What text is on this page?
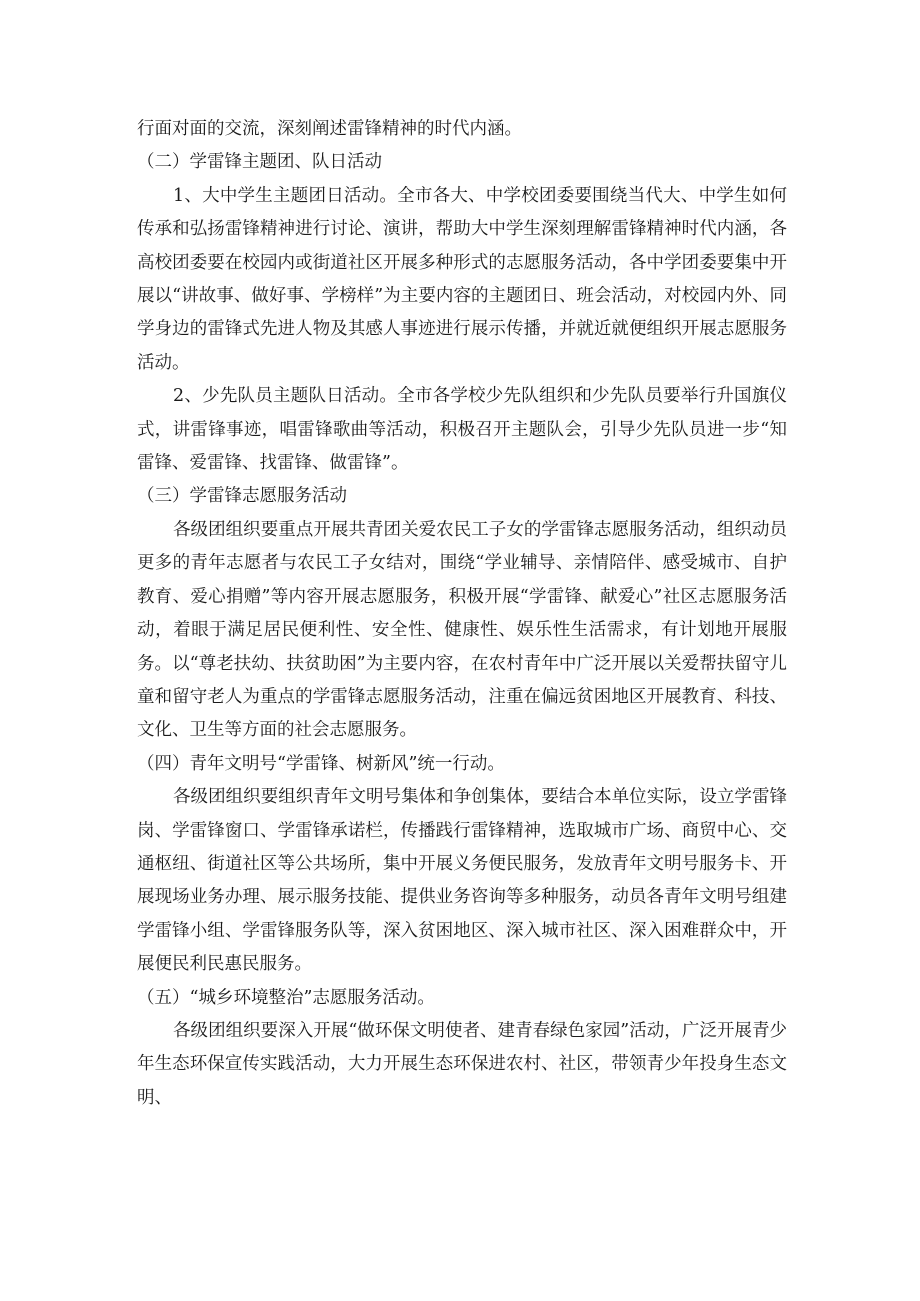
行面对面的交流，深刻阐述雷锋精神的时代内涵。

（二）学雷锋主题团、队日活动

1、大中学生主题团日活动。全市各大、中学校团委要围绕当代大、中学生如何传承和弘扬雷锋精神进行讨论、演讲，帮助大中学生深刻理解雷锋精神时代内涵，各高校团委要在校园内或街道社区开展多种形式的志愿服务活动，各中学团委要集中开展以“讲故事、做好事、学榜样”为主要内容的主题团日、班会活动，对校园内外、同学身边的雷锋式先进人物及其感人事迹进行展示传播，并就近就便组织开展志愿服务活动。

2、少先队员主题队日活动。全市各学校少先队组织和少先队员要举行升国旗仪式，讲雷锋事迹，唱雷锋歌曲等活动，积极召开主题队会，引导少先队员进一步“知雷锋、爱雷锋、找雷锋、做雷锋”。

（三）学雷锋志愿服务活动

各级团组织要重点开展共青团关爱农民工子女的学雷锋志愿服务活动，组织动员更多的青年志愿者与农民工子女结对，围绕“学业辅导、亲情陪伴、感受城市、自护教育、爱心捐赠”等内容开展志愿服务，积极开展“学雷锋、献爱心”社区志愿服务活动，着眼于满足居民便利性、安全性、健康性、娱乐性生活需求，有计划地开展服务。以“尊老扶幼、扶贫助困”为主要内容，在农村青年中广泛开展以关爱帮扶留守儿童和留守老人为重点的学雷锋志愿服务活动，注重在偏远贫困地区开展教育、科技、文化、卫生等方面的社会志愿服务。

（四）青年文明号“学雷锋、树新风”统一行动。

各级团组织要组织青年文明号集体和争创集体，要结合本单位实际，设立学雷锋岗、学雷锋窗口、学雷锋承诺栏，传播践行雷锋精神，选取城市广场、商贸中心、交通枢纽、街道社区等公共场所，集中开展义务便民服务，发放青年文明号服务卡、开展现场业务办理、展示服务技能、提供业务咨询等多种服务，动员各青年文明号组建学雷锋小组、学雷锋服务队等，深入贫困地区、深入城市社区、深入困难群众中，开展便民利民惠民服务。

（五）“城乡环境整治”志愿服务活动。

各级团组织要深入开展“做环保文明使者、建青春绿色家园”活动，广泛开展青少年生态环保宣传实践活动，大力开展生态环保进农村、社区，带领青少年投身生态文明、
